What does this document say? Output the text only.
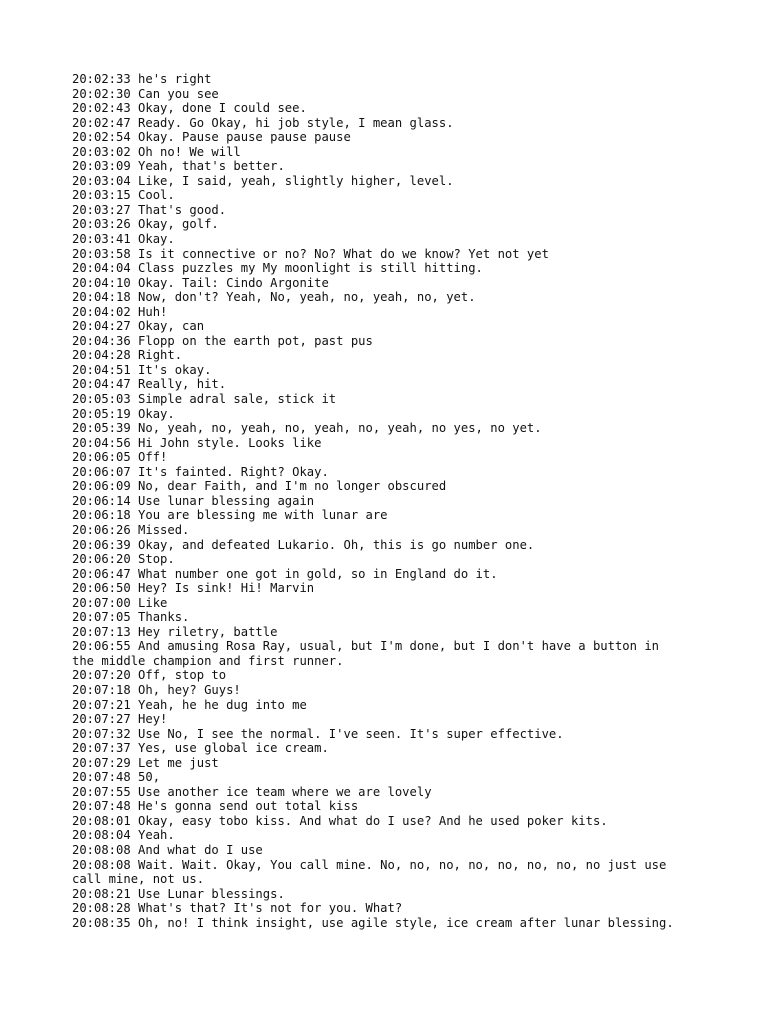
20:02:33 he's right
20:02:30 Can you see
20:02:43 Okay, done I could see.
20:02:47 Ready. Go Okay, hi job style, I mean glass.
20:02:54 Okay. Pause pause pause pause
20:03:02 Oh no! We will
20:03:09 Yeah, that's better.
20:03:04 Like, I said, yeah, slightly higher, level.
20:03:15 Cool.
20:03:27 That's good.
20:03:26 Okay, golf.
20:03:41 Okay.
20:03:58 Is it connective or no? No? What do we know? Yet not yet
20:04:04 Class puzzles my My moonlight is still hitting.
20:04:10 Okay. Tail: Cindo Argonite
20:04:18 Now, don't? Yeah, No, yeah, no, yeah, no, yet.
20:04:02 Huh!
20:04:27 Okay, can
20:04:36 Flopp on the earth pot, past pus
20:04:28 Right.
20:04:51 It's okay.
20:04:47 Really, hit.
20:05:03 Simple adral sale, stick it
20:05:19 Okay.
20:05:39 No, yeah, no, yeah, no, yeah, no, yeah, no yes, no yet.
20:04:56 Hi John style. Looks like
20:06:05 Off!
20:06:07 It's fainted. Right? Okay.
20:06:09 No, dear Faith, and I'm no longer obscured
20:06:14 Use lunar blessing again
20:06:18 You are blessing me with lunar are
20:06:26 Missed.
20:06:39 Okay, and defeated Lukario. Oh, this is go number one.
20:06:20 Stop.
20:06:47 What number one got in gold, so in England do it.
20:06:50 Hey? Is sink! Hi! Marvin
20:07:00 Like
20:07:05 Thanks.
20:07:13 Hey riletry, battle
20:06:55 And amusing Rosa Ray, usual, but I'm done, but I don't have a button in
the middle champion and first runner.
20:07:20 Off, stop to
20:07:18 Oh, hey? Guys!
20:07:21 Yeah, he he dug into me
20:07:27 Hey!
20:07:32 Use No, I see the normal. I've seen. It's super effective.
20:07:37 Yes, use global ice cream.
20:07:29 Let me just
20:07:48 50,
20:07:55 Use another ice team where we are lovely
20:07:48 He's gonna send out total kiss
20:08:01 Okay, easy tobo kiss. And what do I use? And he used poker kits.
20:08:04 Yeah.
20:08:08 And what do I use
20:08:08 Wait. Wait. Okay, You call mine. No, no, no, no, no, no, no, no just use
call mine, not us.
20:08:21 Use Lunar blessings.
20:08:28 What's that? It's not for you. What?
20:08:35 Oh, no! I think insight, use agile style, ice cream after lunar blessing.
